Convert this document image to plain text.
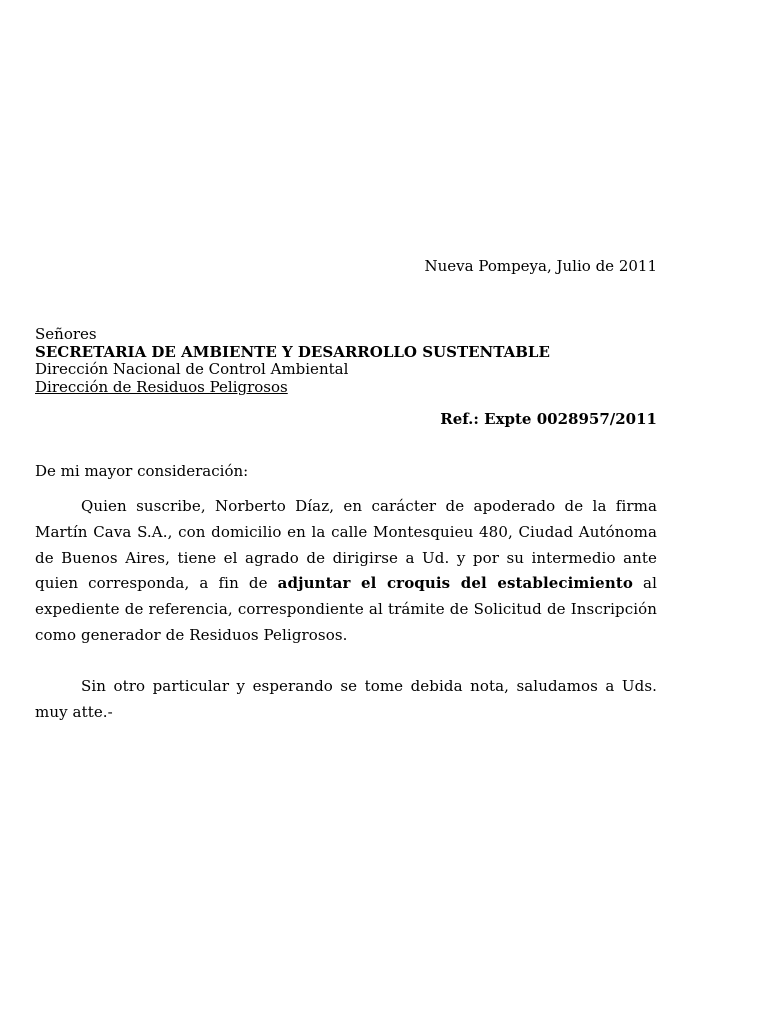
Nueva Pompeya, Julio de 2011
Señores
SECRETARIA DE AMBIENTE Y DESARROLLO SUSTENTABLE
Dirección Nacional de Control Ambiental
Dirección de Residuos Peligrosos
Ref.: Expte 0028957/2011
De mi mayor consideración:
Quien suscribe, Norberto Díaz, en carácter de apoderado de la firma Martín Cava S.A., con domicilio en la calle Montesquieu 480, Ciudad Autónoma de Buenos Aires, tiene el agrado de dirigirse a Ud. y por su intermedio ante quien corresponda, a fin de adjuntar el croquis del establecimiento al expediente de referencia, correspondiente al trámite de Solicitud de Inscripción como generador de Residuos Peligrosos.
Sin otro particular y esperando se tome debida nota, saludamos a Uds. muy atte.-
